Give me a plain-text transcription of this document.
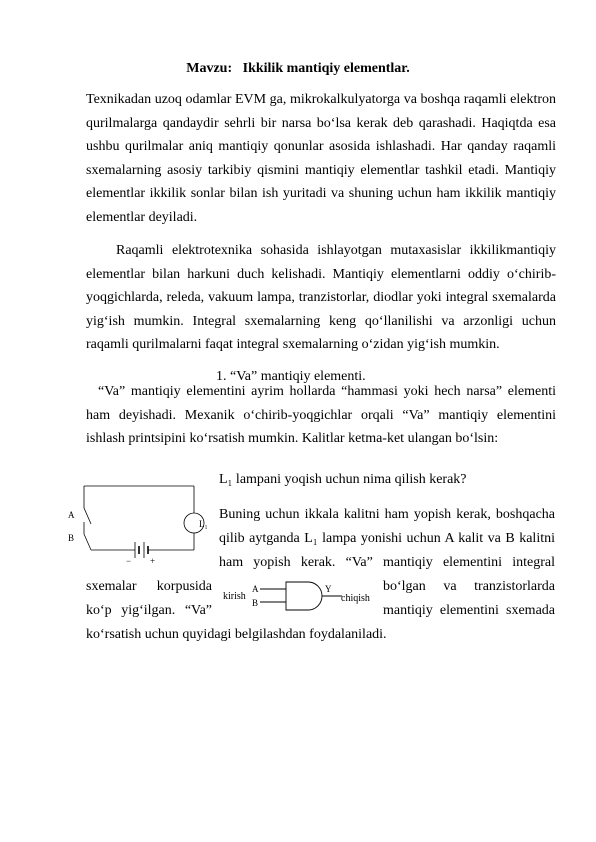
Mavzu:   Ikkilik mantiqiy elementlar.

Texnikadan uzoq odamlar EVM ga, mikrokalkulyatorga va boshqa raqamli elektron qurilmalarga qandaydir sehrli bir narsa bo‘lsa kerak deb qarashadi. Haqiqtda esa ushbu qurilmalar aniq mantiqiy qonunlar asosida ishlashadi. Har qanday raqamli sxemalarning asosiy tarkibiy qismini mantiqiy elementlar tashkil etadi. Mantiqiy elementlar ikkilik sonlar bilan ish yuritadi va shuning uchun ham ikkilik mantiqiy elementlar deyiladi.

Raqamli elektrotexnika sohasida ishlayotgan mutaxasislar ikkilikmantiqiy elementlar bilan harkuni duch kelishadi. Mantiqiy elementlarni oddiy o‘chirib-yoqgichlarda, releda, vakuum lampa, tranzistorlar, diodlar yoki integral sxemalarda yig‘ish mumkin. Integral sxemalarning keng qo‘llanilishi va arzonligi uchun raqamli qurilmalarni faqat integral sxemalarning o‘zidan yig‘ish mumkin.

1. “Va” mantiqiy elementi.

“Va” mantiqiy elementini ayrim hollarda “hammasi yoki hech narsa” elementi ham deyishadi. Mexanik o‘chirib-yoqgichlar orqali “Va” mantiqiy elementini ishlash printsipini ko‘rsatish mumkin. Kalitlar ketma-ket ulangan bo‘lsin:

A
B
L₁
− +
L₁ lampani yoqish uchun nima qilish kerak?
Buning uchun ikkala kalitni ham yopish kerak, boshqacha
qilib aytganda L₁ lampa yonishi uchun A kalit va B kalitni
ham yopish kerak. “Va” mantiqiy elementini integral
sxemalar korpusida	bo‘lgan va tranzistorlarda
kirish
A
B
Y
chiqish
ko‘p yig‘ilgan. “Va”	mantiqiy elementini sxemada
ko‘rsatish uchun quyidagi belgilashdan foydalaniladi.
